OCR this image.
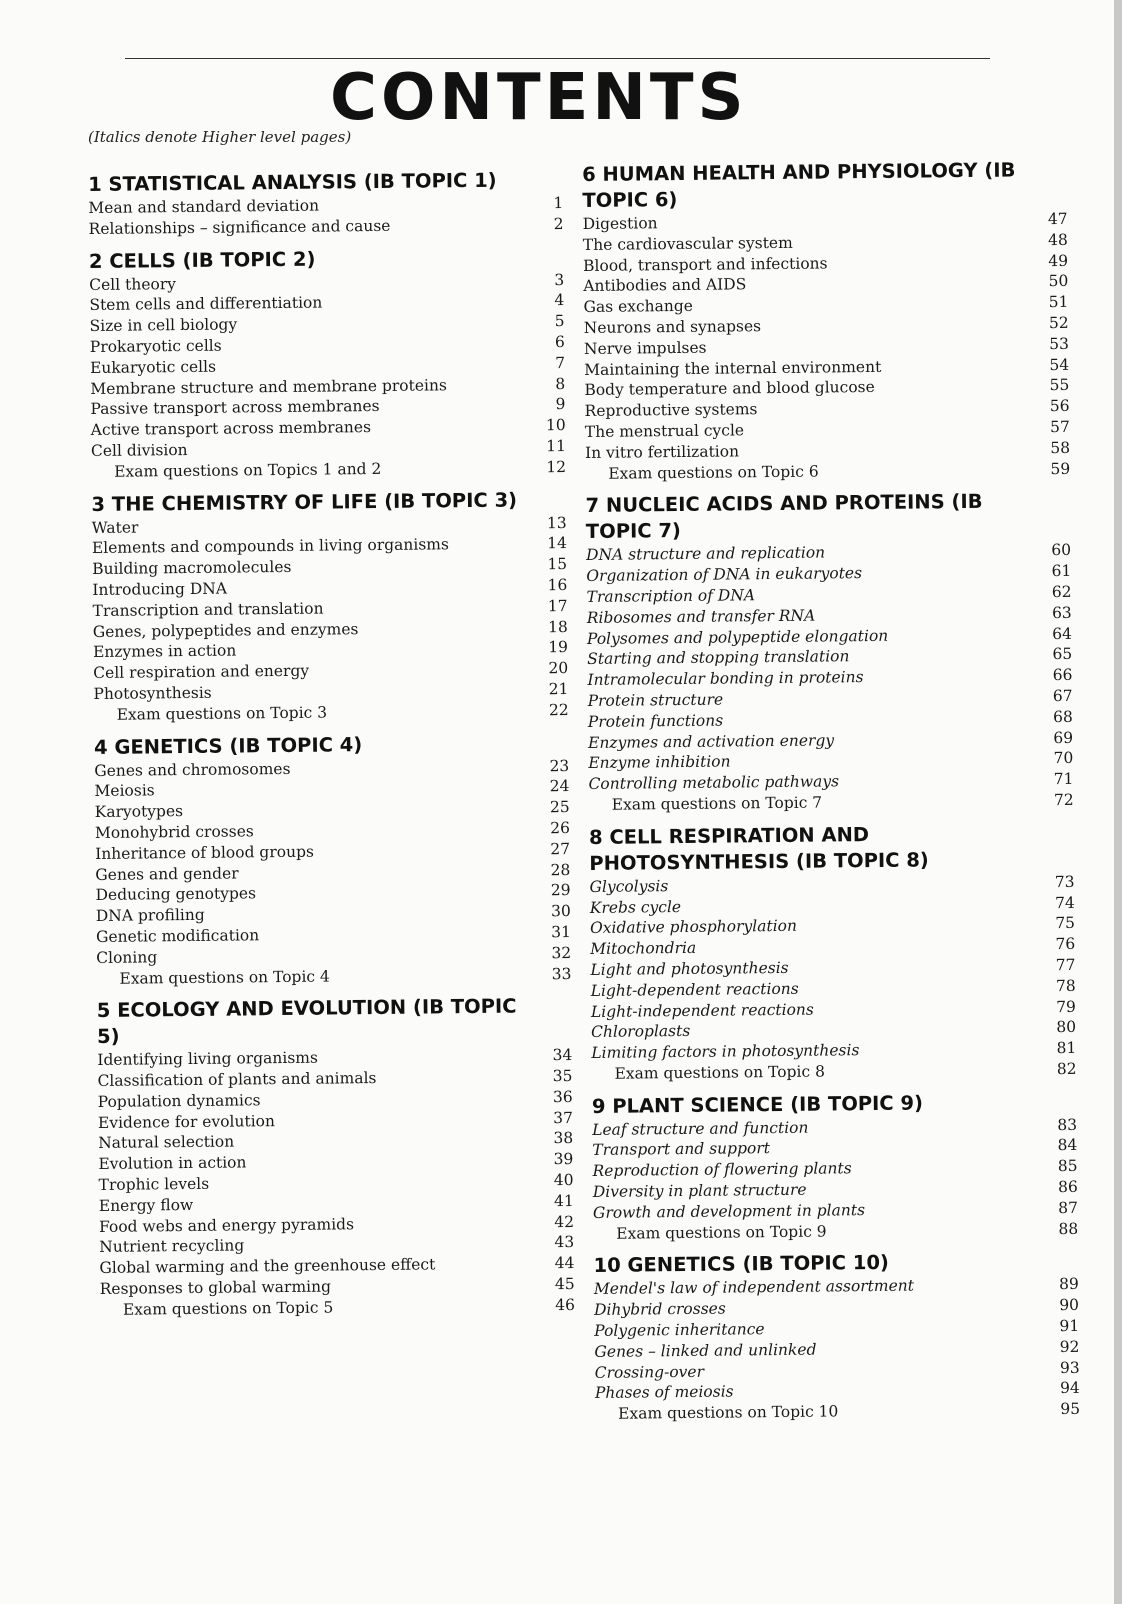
CONTENTS
(Italics denote Higher level pages)
1 STATISTICAL ANALYSIS (IB TOPIC 1)
Mean and standard deviation	1
Relationships – significance and cause	2
2 CELLS (IB TOPIC 2)
Cell theory	3
Stem cells and differentiation	4
Size in cell biology	5
Prokaryotic cells	6
Eukaryotic cells	7
Membrane structure and membrane proteins	8
Passive transport across membranes	9
Active transport across membranes	10
Cell division	11
Exam questions on Topics 1 and 2	12
3 THE CHEMISTRY OF LIFE (IB TOPIC 3)
Water	13
Elements and compounds in living organisms	14
Building macromolecules	15
Introducing DNA	16
Transcription and translation	17
Genes, polypeptides and enzymes	18
Enzymes in action	19
Cell respiration and energy	20
Photosynthesis	21
Exam questions on Topic 3	22
4 GENETICS (IB TOPIC 4)
Genes and chromosomes	23
Meiosis	24
Karyotypes	25
Monohybrid crosses	26
Inheritance of blood groups	27
Genes and gender	28
Deducing genotypes	29
DNA profiling	30
Genetic modification	31
Cloning	32
Exam questions on Topic 4	33
5 ECOLOGY AND EVOLUTION (IB TOPIC 5)
Identifying living organisms	34
Classification of plants and animals	35
Population dynamics	36
Evidence for evolution	37
Natural selection	38
Evolution in action	39
Trophic levels	40
Energy flow	41
Food webs and energy pyramids	42
Nutrient recycling	43
Global warming and the greenhouse effect	44
Responses to global warming	45
Exam questions on Topic 5	46
6 HUMAN HEALTH AND PHYSIOLOGY (IB TOPIC 6)
Digestion	47
The cardiovascular system	48
Blood, transport and infections	49
Antibodies and AIDS	50
Gas exchange	51
Neurons and synapses	52
Nerve impulses	53
Maintaining the internal environment	54
Body temperature and blood glucose	55
Reproductive systems	56
The menstrual cycle	57
In vitro fertilization	58
Exam questions on Topic 6	59
7 NUCLEIC ACIDS AND PROTEINS (IB TOPIC 7)
DNA structure and replication	60
Organization of DNA in eukaryotes	61
Transcription of DNA	62
Ribosomes and transfer RNA	63
Polysomes and polypeptide elongation	64
Starting and stopping translation	65
Intramolecular bonding in proteins	66
Protein structure	67
Protein functions	68
Enzymes and activation energy	69
Enzyme inhibition	70
Controlling metabolic pathways	71
Exam questions on Topic 7	72
8 CELL RESPIRATION AND PHOTOSYNTHESIS (IB TOPIC 8)
Glycolysis	73
Krebs cycle	74
Oxidative phosphorylation	75
Mitochondria	76
Light and photosynthesis	77
Light-dependent reactions	78
Light-independent reactions	79
Chloroplasts	80
Limiting factors in photosynthesis	81
Exam questions on Topic 8	82
9 PLANT SCIENCE (IB TOPIC 9)
Leaf structure and function	83
Transport and support	84
Reproduction of flowering plants	85
Diversity in plant structure	86
Growth and development in plants	87
Exam questions on Topic 9	88
10 GENETICS (IB TOPIC 10)
Mendel's law of independent assortment	89
Dihybrid crosses	90
Polygenic inheritance	91
Genes – linked and unlinked	92
Crossing-over	93
Phases of meiosis	94
Exam questions on Topic 10	95
